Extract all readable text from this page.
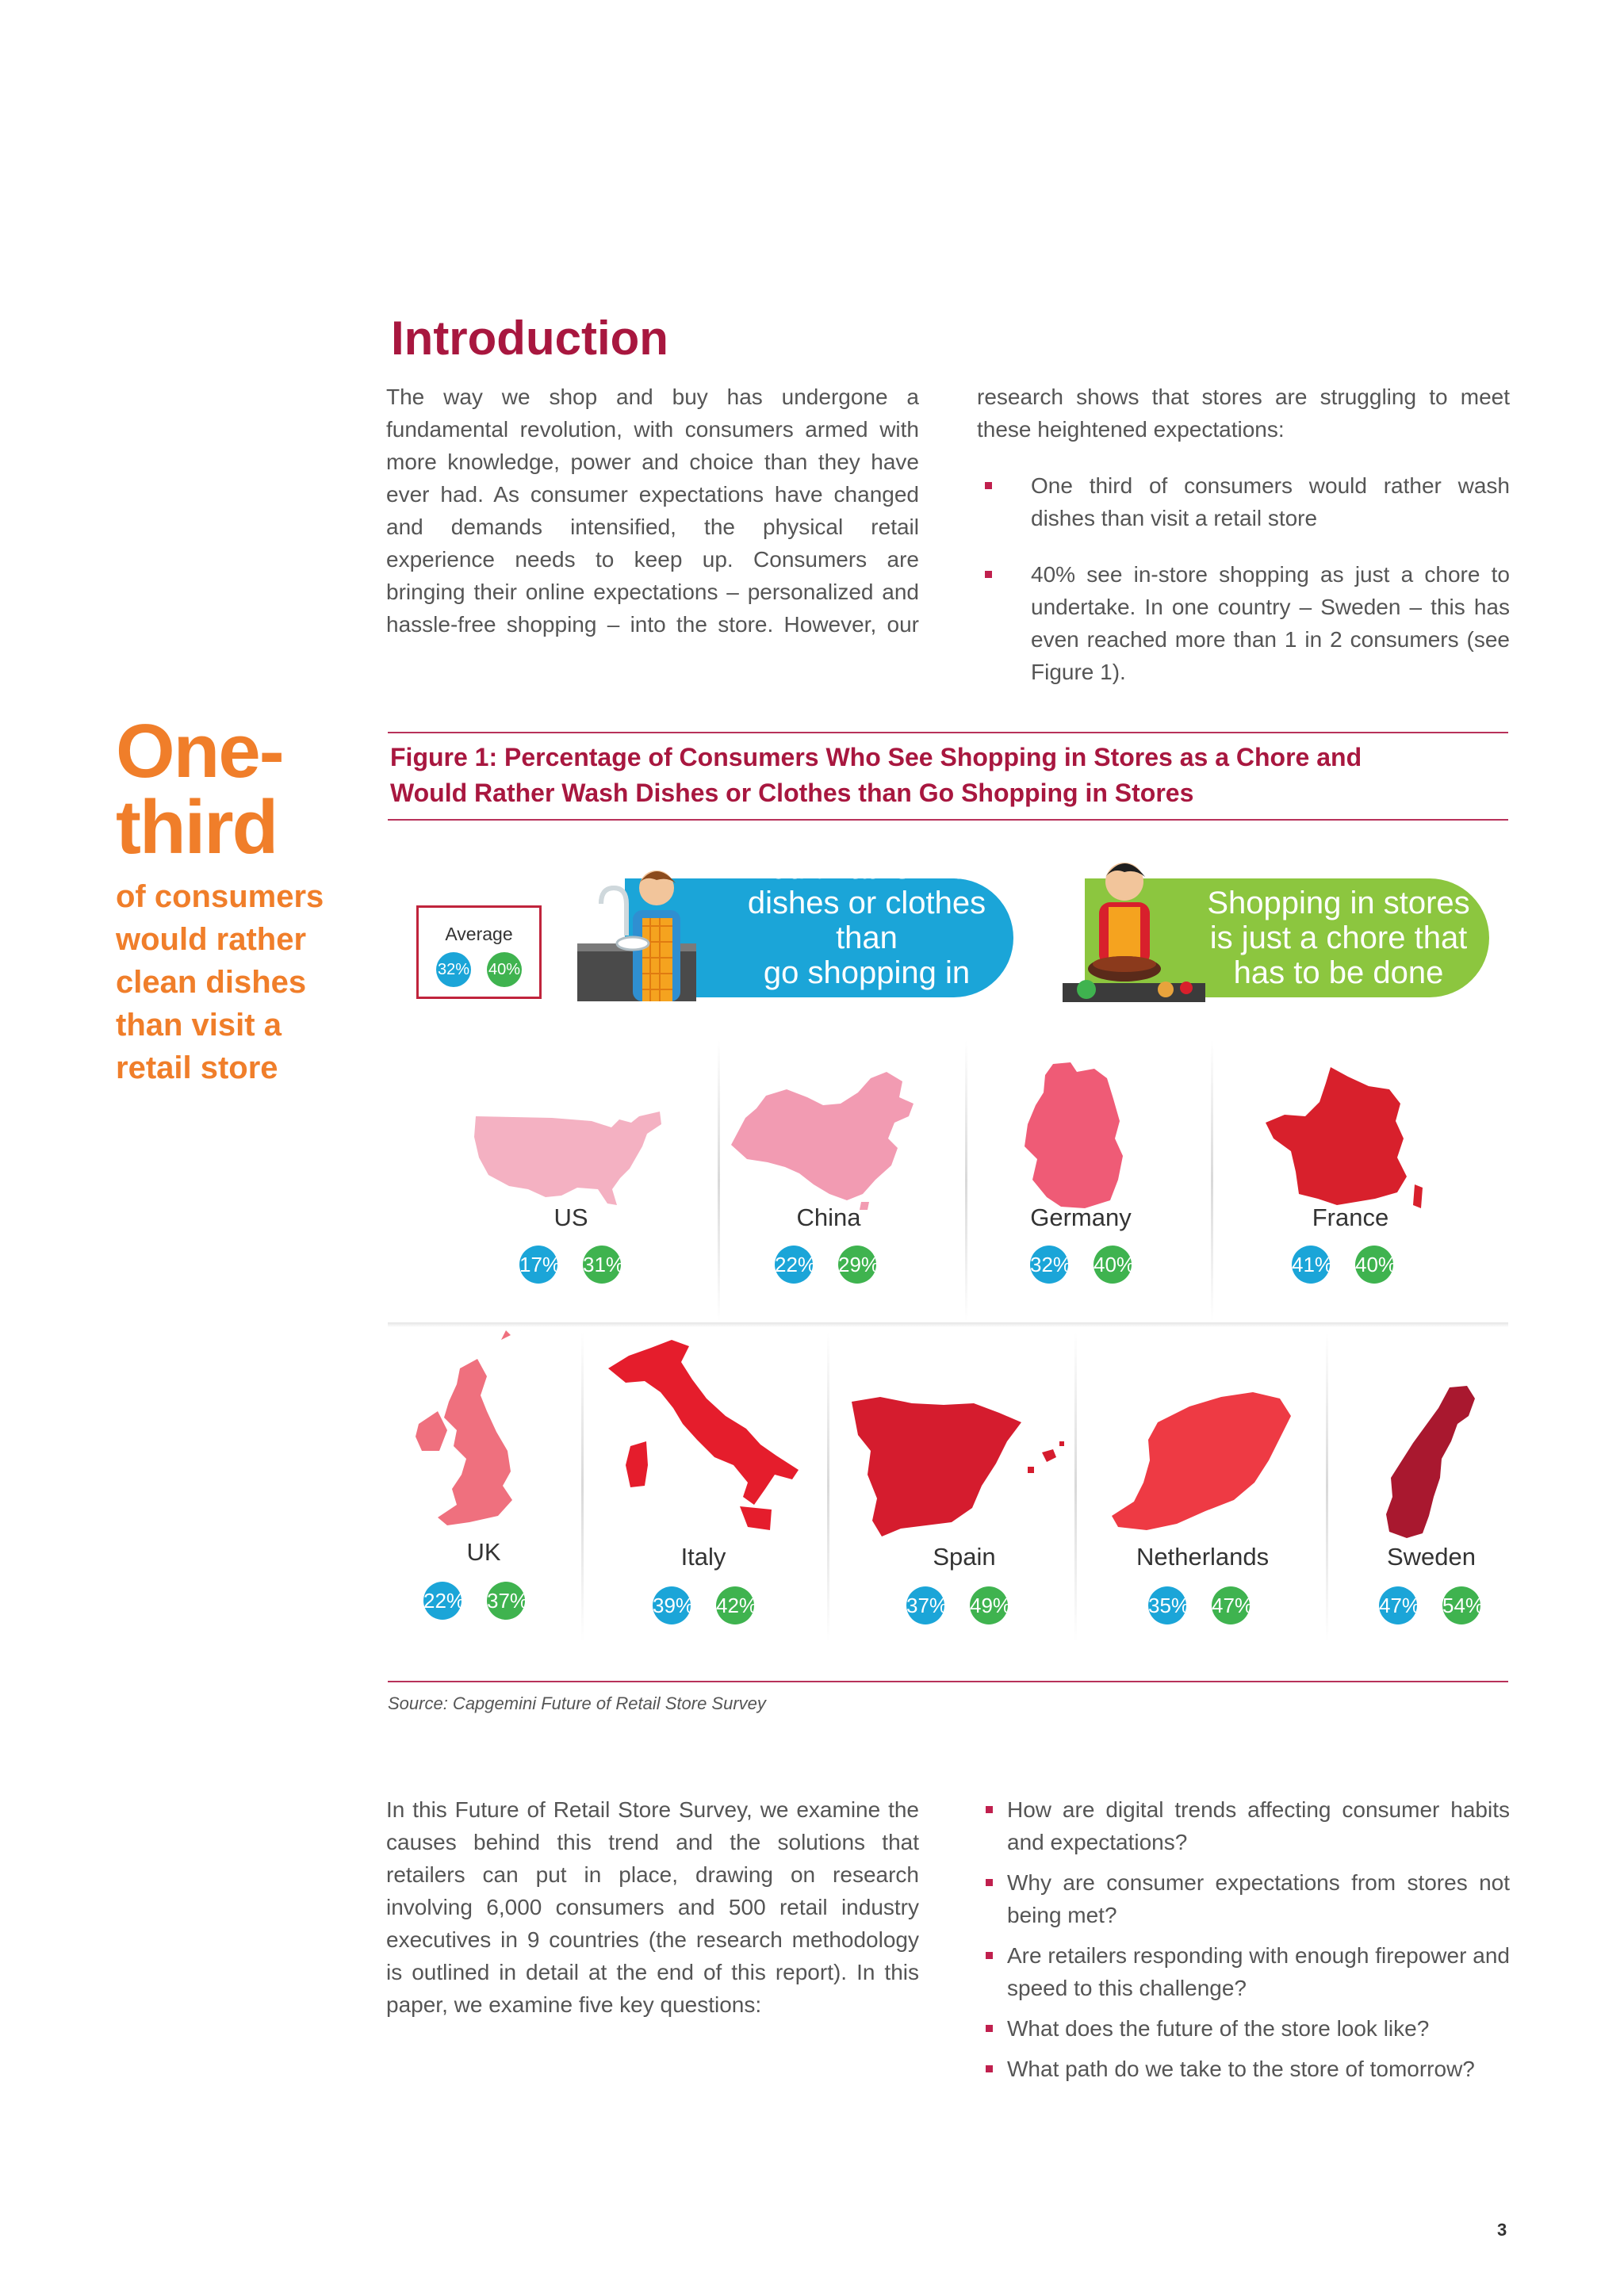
Introduction

The way we shop and buy has undergone a fundamental revolution, with consumers armed with more knowledge, power and choice than they have ever had. As consumer expectations have changed and demands intensified, the physical retail experience needs to keep up. Consumers are bringing their online expectations – personalized and hassle-free shopping – into the store. However, our

research shows that stores are struggling to meet these heightened expectations:

One third of consumers would rather wash dishes than visit a retail store
40% see in-store shopping as just a chore to undertake. In one country – Sweden – this has even reached more than 1 in 2 consumers (see Figure 1).
One-
third
of consumers
would rather
clean dishes
than visit a
retail store
Figure 1: Percentage of Consumers Who See Shopping in Stores as a Chore and
Would Rather Wash Dishes or Clothes than Go Shopping in Stores
Average
32% 40%
I would rather wash
dishes or clothes than
go shopping in stores
Shopping in stores
is just a chore that
has to be done
US
17% 31%
China
22% 29%
Germany
32% 40%
France
41% 40%
UK
22% 37%
Italy
39% 42%
Spain
37% 49%
Netherlands
35% 47%
Sweden
47% 54%
Source: Capgemini Future of Retail Store Survey

In this Future of Retail Store Survey, we examine the causes behind this trend and the solutions that retailers can put in place, drawing on research involving 6,000 consumers and 500 retail industry executives in 9 countries (the research methodology is outlined in detail at the end of this report). In this paper, we examine five key questions:

How are digital trends affecting consumer habits and expectations?
Why are consumer expectations from stores not being met?
Are retailers responding with enough firepower and speed to this challenge?
What does the future of the store look like?
What path do we take to the store of tomorrow?
3
